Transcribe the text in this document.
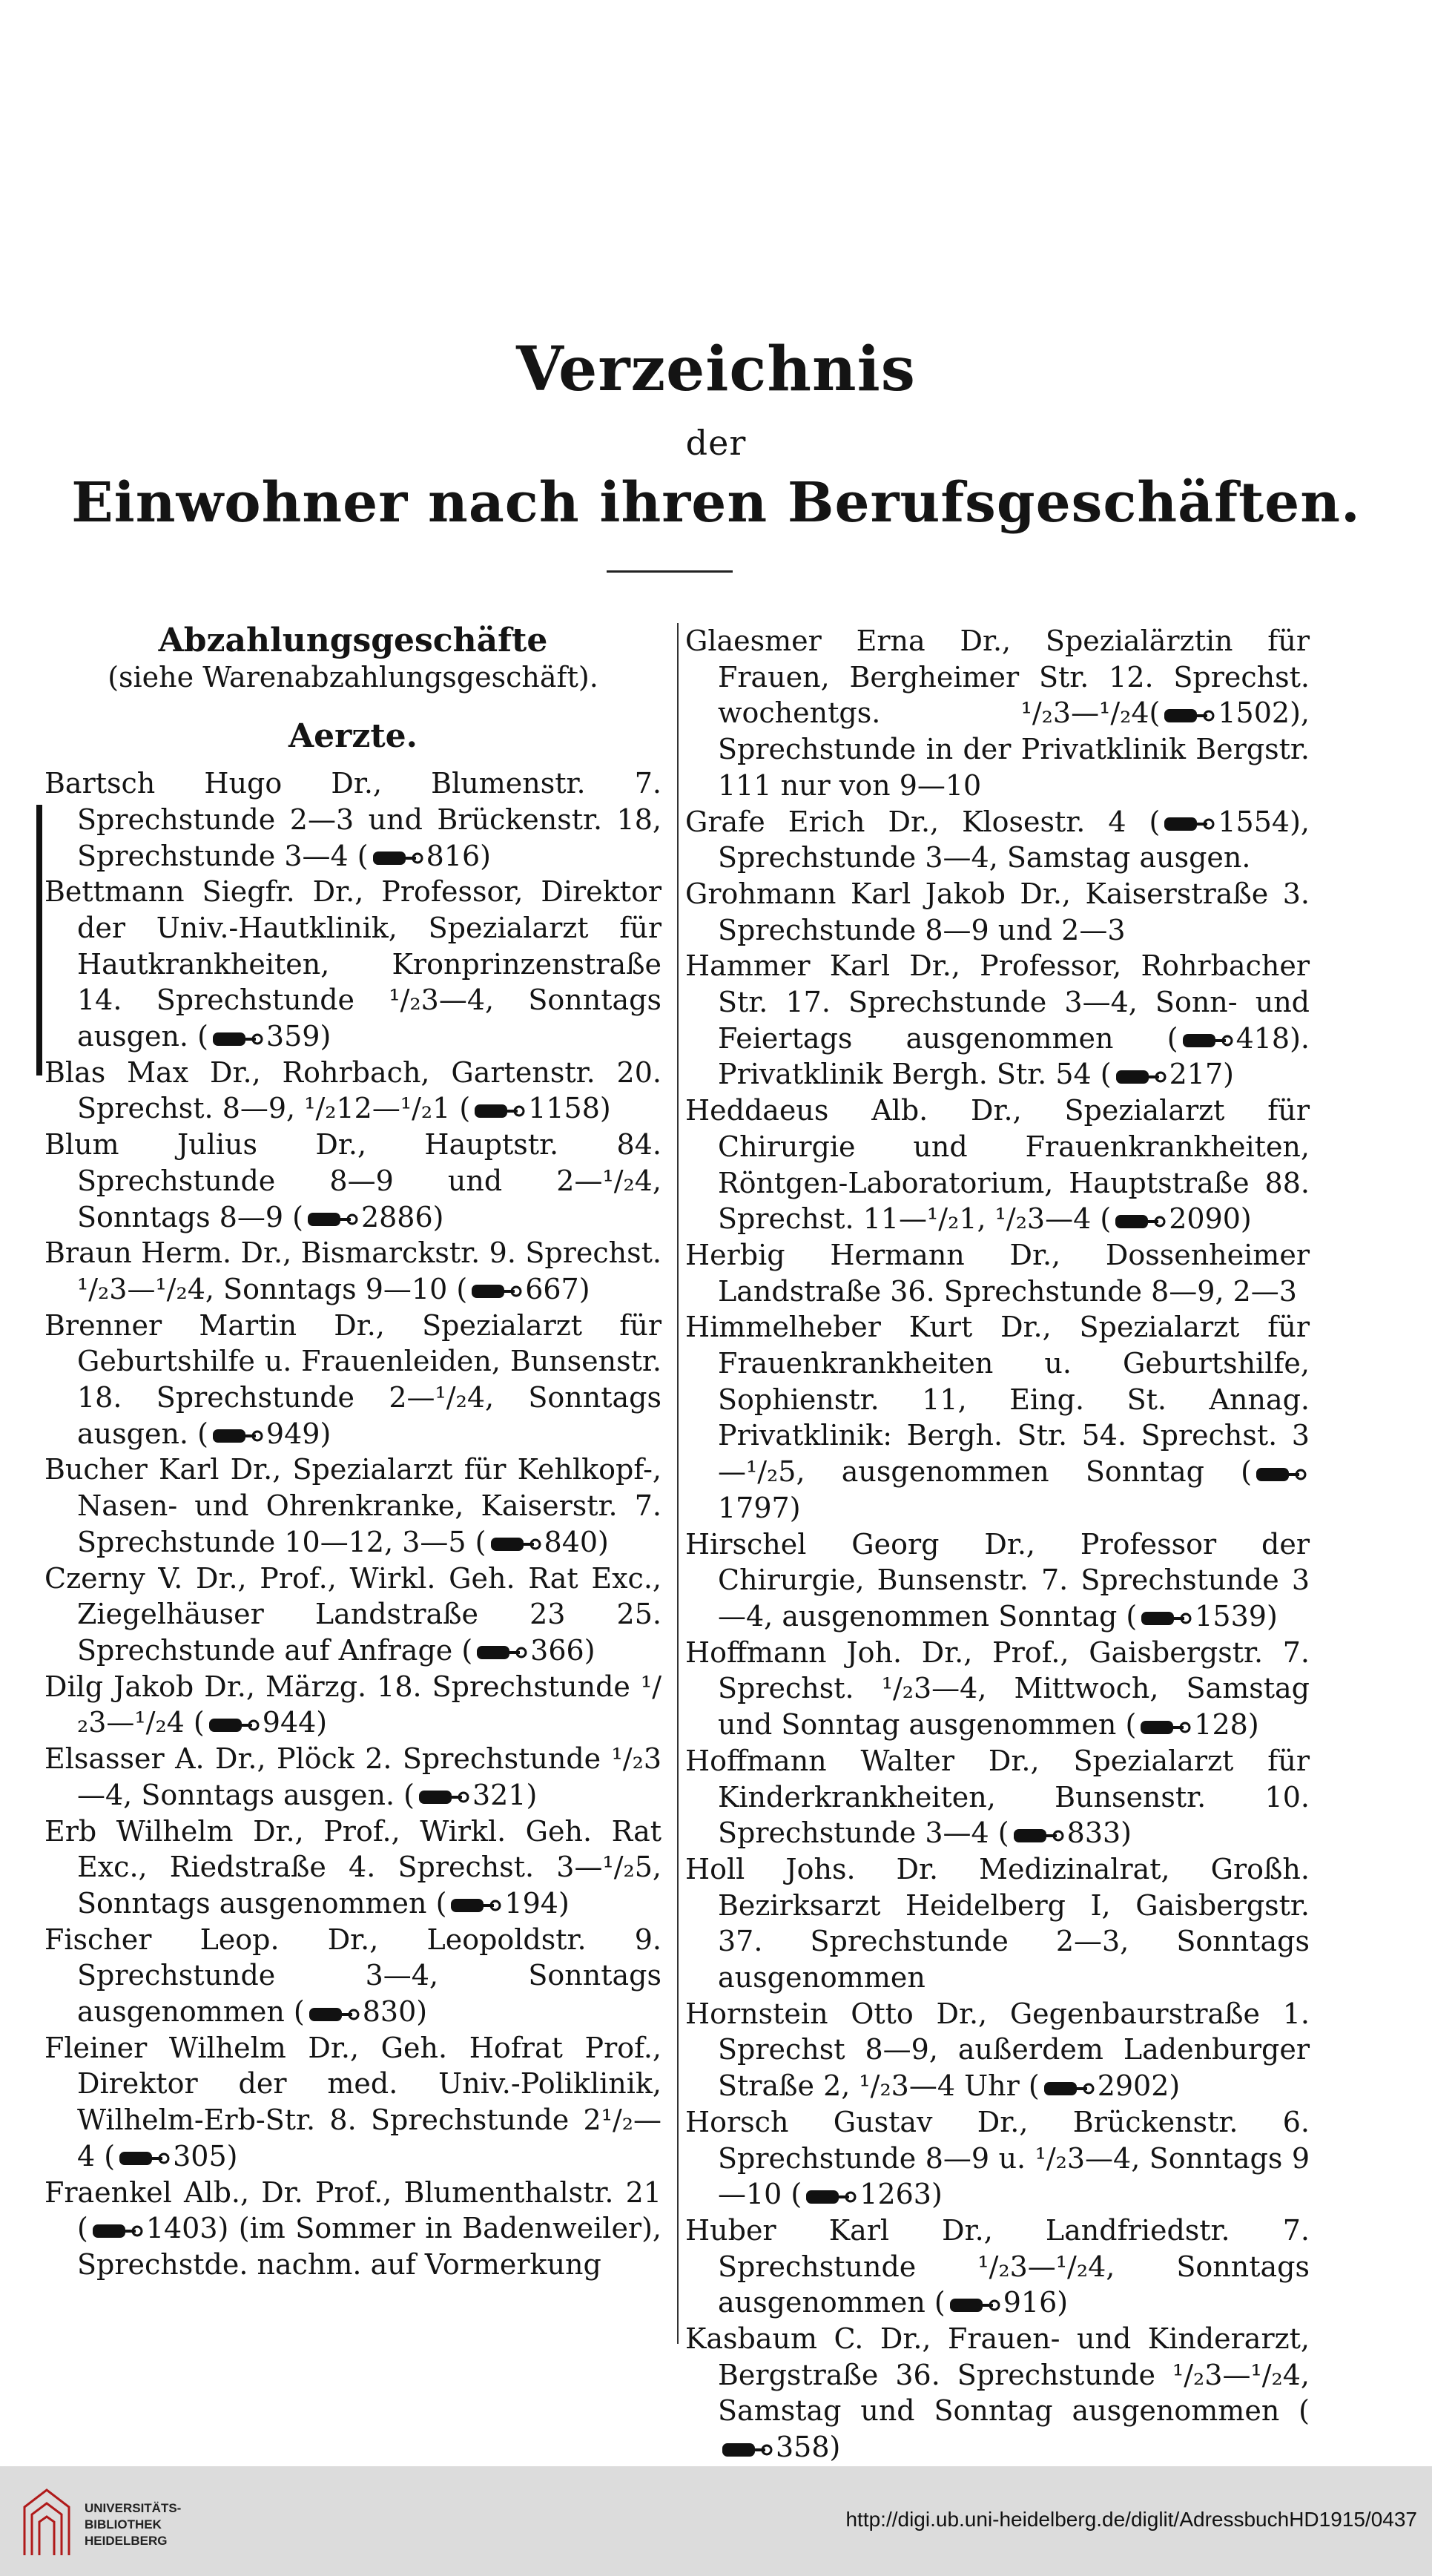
Verzeichnis
der
Einwohner nach ihren Berufsgeschäften.

Abzahlungsgeschäfte

(siehe Warenabzahlungsgeschäft).

Aerzte.

Bartsch Hugo Dr., Blumenstr. 7. Sprechstunde 2—3 und Brückenstr. 18, Sprechstunde 3—4 ( 816)

Bettmann Siegfr. Dr., Professor, Direktor der Univ.-Hautklinik, Spezialarzt für Hautkrankheiten, Kronprinzenstraße 14. Sprechstunde ¹/₂3—4, Sonntags ausgen. ( 359)

Blas Max Dr., Rohrbach, Gartenstr. 20. Sprechst. 8—9, ¹/₂12—¹/₂1 ( 1158)

Blum Julius Dr., Hauptstr. 84. Sprechstunde 8—9 und 2—¹/₂4, Sonntags 8—9 ( 2886)

Braun Herm. Dr., Bismarckstr. 9. Sprechst. ¹/₂3—¹/₂4, Sonntags 9—10 ( 667)

Brenner Martin Dr., Spezialarzt für Geburtshilfe u. Frauenleiden, Bunsenstr. 18. Sprechstunde 2—¹/₂4, Sonntags ausgen. ( 949)

Bucher Karl Dr., Spezialarzt für Kehlkopf-, Nasen- und Ohrenkranke, Kaiserstr. 7. Sprechstunde 10—12, 3—5 ( 840)

Czerny V. Dr., Prof., Wirkl. Geh. Rat Exc., Ziegelhäuser Landstraße 23 25. Sprechstunde auf Anfrage ( 366)

Dilg Jakob Dr., Märzg. 18. Sprechstunde ¹/₂3—¹/₂4 ( 944)

Elsasser A. Dr., Plöck 2. Sprechstunde ¹/₂3—4, Sonntags ausgen. ( 321)

Erb Wilhelm Dr., Prof., Wirkl. Geh. Rat Exc., Riedstraße 4. Sprechst. 3—¹/₂5, Sonntags ausgenommen ( 194)

Fischer Leop. Dr., Leopoldstr. 9. Sprechstunde 3—4, Sonntags ausgenommen ( 830)

Fleiner Wilhelm Dr., Geh. Hofrat Prof., Direktor der med. Univ.-Poliklinik, Wilhelm-Erb-Str. 8. Sprechstunde 2¹/₂—4 ( 305)

Fraenkel Alb., Dr. Prof., Blumenthalstr. 21 ( 1403) (im Sommer in Badenweiler), Sprechstde. nachm. auf Vormerkung

Glaesmer Erna Dr., Spezialärztin für Frauen, Bergheimer Str. 12. Sprechst. wochentgs. ¹/₂3—¹/₂4( 1502), Sprechstunde in der Privatklinik Bergstr. 111 nur von 9—10

Grafe Erich Dr., Klosestr. 4 ( 1554), Sprechstunde 3—4, Samstag ausgen.

Grohmann Karl Jakob Dr., Kaiserstraße 3. Sprechstunde 8—9 und 2—3

Hammer Karl Dr., Professor, Rohrbacher Str. 17. Sprechstunde 3—4, Sonn- und Feiertags ausgenommen ( 418). Privatklinik Bergh. Str. 54 ( 217)

Heddaeus Alb. Dr., Spezialarzt für Chirurgie und Frauenkrankheiten, Röntgen-Laboratorium, Hauptstraße 88. Sprechst. 11—¹/₂1, ¹/₂3—4 ( 2090)

Herbig Hermann Dr., Dossenheimer Landstraße 36. Sprechstunde 8—9, 2—3

Himmelheber Kurt Dr., Spezialarzt für Frauenkrankheiten u. Geburtshilfe, Sophienstr. 11, Eing. St. Annag. Privatklinik: Bergh. Str. 54. Sprechst. 3—¹/₂5, ausgenommen Sonntag (1797)

Hirschel Georg Dr., Professor der Chirurgie, Bunsenstr. 7. Sprechstunde 3—4, ausgenommen Sonntag ( 1539)

Hoffmann Joh. Dr., Prof., Gaisbergstr. 7. Sprechst. ¹/₂3—4, Mittwoch, Samstag und Sonntag ausgenommen ( 128)

Hoffmann Walter Dr., Spezialarzt für Kinderkrankheiten, Bunsenstr. 10. Sprechstunde 3—4 ( 833)

Holl Johs. Dr. Medizinalrat, Großh. Bezirksarzt Heidelberg I, Gaisbergstr. 37. Sprechstunde 2—3, Sonntags ausgenommen

Hornstein Otto Dr., Gegenbaurstraße 1. Sprechst 8—9, außerdem Ladenburger Straße 2, ¹/₂3—4 Uhr ( 2902)

Horsch Gustav Dr., Brückenstr. 6. Sprechstunde 8—9 u. ¹/₂3—4, Sonntags 9—10 ( 1263)

Huber Karl Dr., Landfriedstr. 7. Sprechstunde ¹/₂3—¹/₂4, Sonntags ausgenommen ( 916)

Kasbaum C. Dr., Frauen- und Kinderarzt, Bergstraße 36. Sprechstunde ¹/₂3—¹/₂4, Samstag und Sonntag ausgenommen (358)

UNIVERSITÄTS-
BIBLIOTHEK
HEIDELBERG
http://digi.ub.uni-heidelberg.de/diglit/AdressbuchHD1915/0437
